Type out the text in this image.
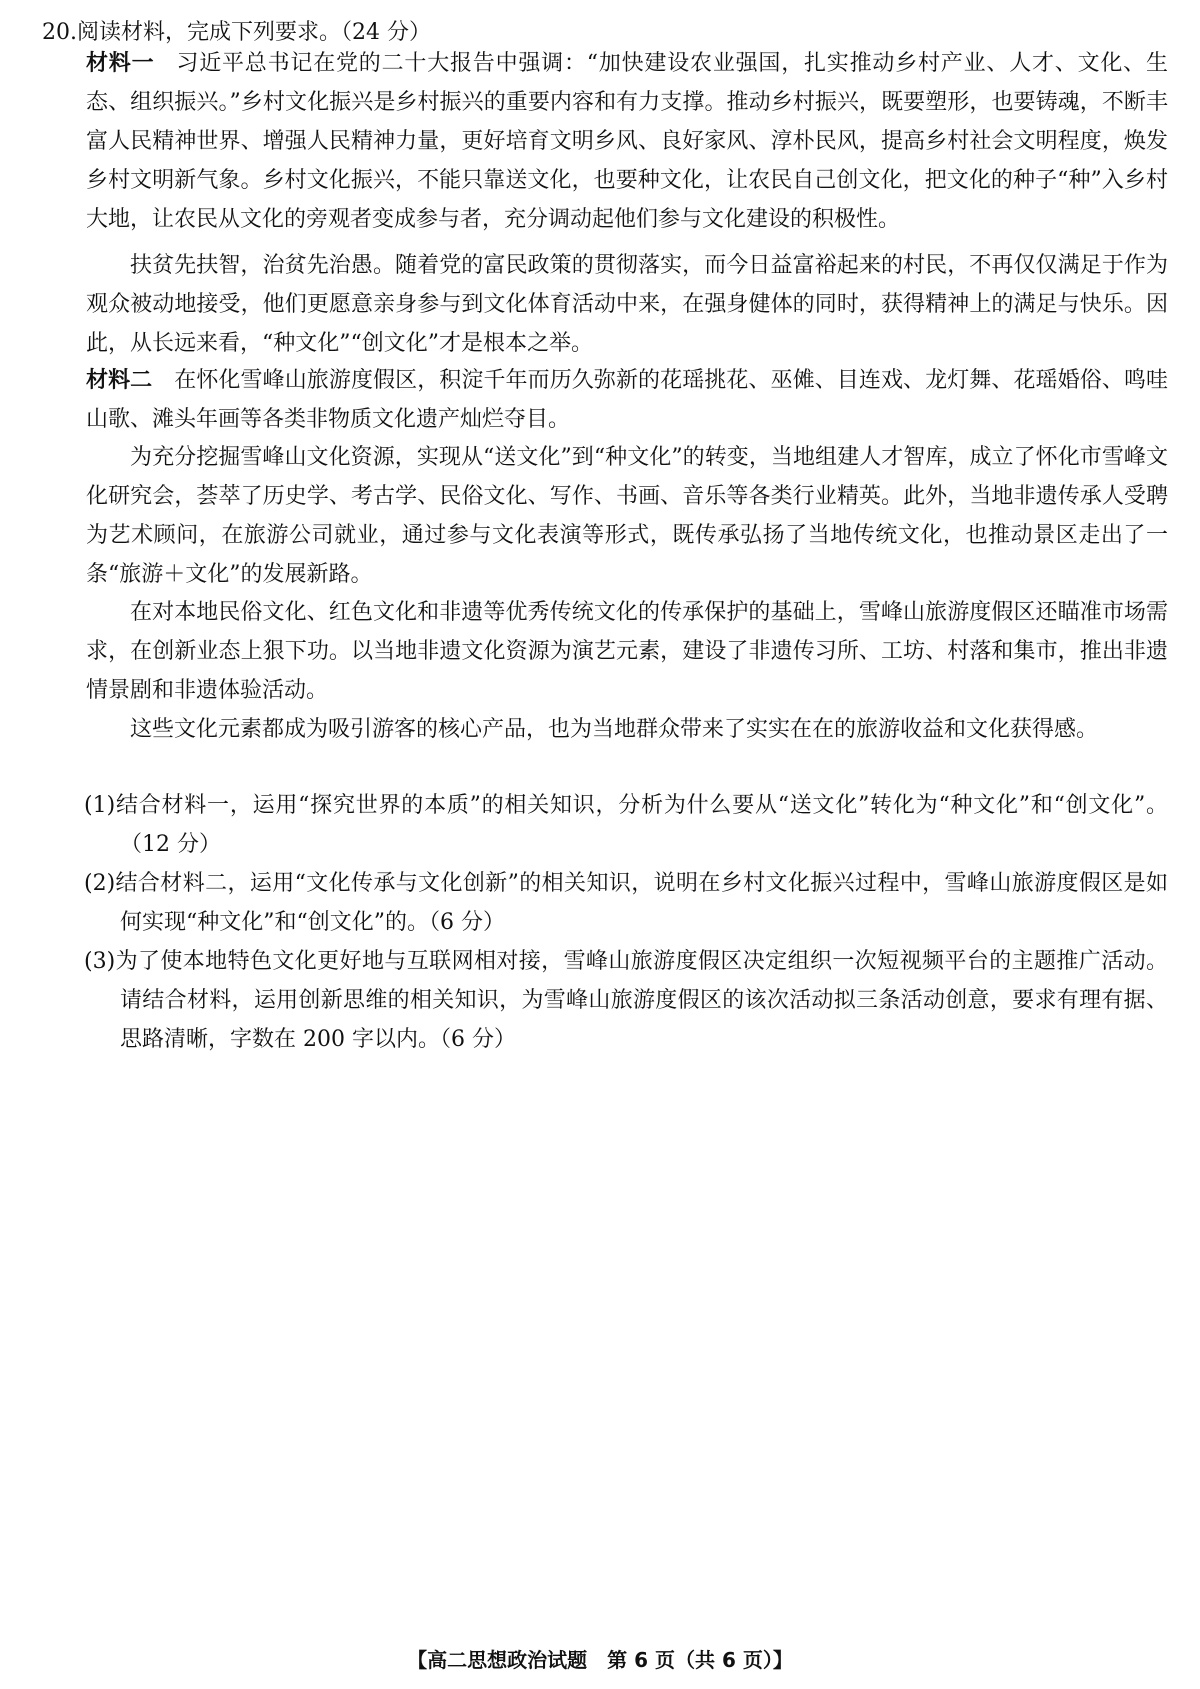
20.阅读材料，完成下列要求。（24 分）
材料一 习近平总书记在党的二十大报告中强调：“加快建设农业强国，扎实推动乡村产业、人才、文化、生态、组织振兴。”乡村文化振兴是乡村振兴的重要内容和有力支撑。推动乡村振兴，既要塑形，也要铸魂，不断丰富人民精神世界、增强人民精神力量，更好培育文明乡风、良好家风、淳朴民风，提高乡村社会文明程度，焕发乡村文明新气象。乡村文化振兴，不能只靠送文化，也要种文化，让农民自己创文化，把文化的种子“种”入乡村大地，让农民从文化的旁观者变成参与者，充分调动起他们参与文化建设的积极性。
扶贫先扶智，治贫先治愚。随着党的富民政策的贯彻落实，而今日益富裕起来的村民，不再仅仅满足于作为观众被动地接受，他们更愿意亲身参与到文化体育活动中来，在强身健体的同时，获得精神上的满足与快乐。因此，从长远来看，“种文化”“创文化”才是根本之举。
材料二 在怀化雪峰山旅游度假区，积淀千年而历久弥新的花瑶挑花、巫傩、目连戏、龙灯舞、花瑶婚俗、鸣哇山歌、滩头年画等各类非物质文化遗产灿烂夺目。
为充分挖掘雪峰山文化资源，实现从“送文化”到“种文化”的转变，当地组建人才智库，成立了怀化市雪峰文化研究会，荟萃了历史学、考古学、民俗文化、写作、书画、音乐等各类行业精英。此外，当地非遗传承人受聘为艺术顾问，在旅游公司就业，通过参与文化表演等形式，既传承弘扬了当地传统文化，也推动景区走出了一条“旅游＋文化”的发展新路。
在对本地民俗文化、红色文化和非遗等优秀传统文化的传承保护的基础上，雪峰山旅游度假区还瞄准市场需求，在创新业态上狠下功。以当地非遗文化资源为演艺元素，建设了非遗传习所、工坊、村落和集市，推出非遗情景剧和非遗体验活动。
这些文化元素都成为吸引游客的核心产品，也为当地群众带来了实实在在的旅游收益和文化获得感。
(1)结合材料一，运用“探究世界的本质”的相关知识，分析为什么要从“送文化”转化为“种文化”和“创文化”。（12 分）
(2)结合材料二，运用“文化传承与文化创新”的相关知识，说明在乡村文化振兴过程中，雪峰山旅游度假区是如何实现“种文化”和“创文化”的。（6 分）
(3)为了使本地特色文化更好地与互联网相对接，雪峰山旅游度假区决定组织一次短视频平台的主题推广活动。请结合材料，运用创新思维的相关知识，为雪峰山旅游度假区的该次活动拟三条活动创意，要求有理有据、思路清晰，字数在 200 字以内。（6 分）
【高二思想政治试题　第 6 页（共 6 页）】
